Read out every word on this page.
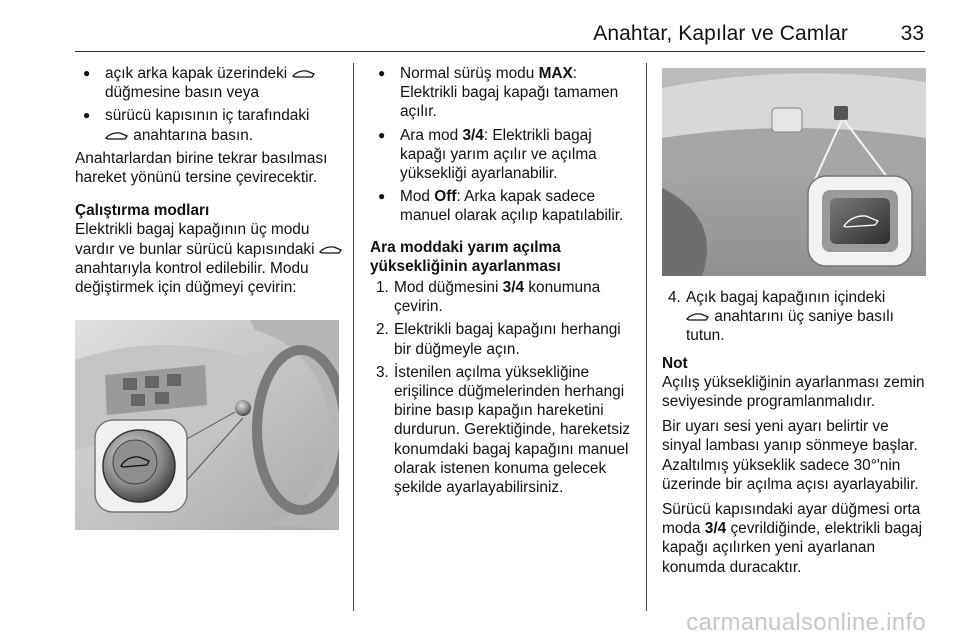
Anahtar, Kapılar ve Camlar	33
● açık arka kapak üzerindeki
düğmesine basın veya
● sürücü kapısının iç tarafındaki
anahtarına basın.

Anahtarlardan birine tekrar basılması hareket yönünü tersine çevirecektir.

Çalıştırma modları

Elektrikli bagaj kapağının üç modu vardır ve bunlar sürücü kapısındaki  anahtarıyla kontrol edilebilir. Modu değiştirmek için düğmeyi çevirin:

● Normal sürüş modu MAX: Elektrikli bagaj kapağı tamamen açılır.
● Ara mod 3/4: Elektrikli bagaj kapağı yarım açılır ve açılma yüksekliği ayarlanabilir.
● Mod Off: Arka kapak sadece manuel olarak açılıp kapatılabilir.
Ara moddaki yarım açılma yüksekliğinin ayarlanması
1. Mod düğmesini 3/4 konumuna çevirin.
2. Elektrikli bagaj kapağını herhangi bir düğmeyle açın.
3. İstenilen açılma yüksekliğine erişilince düğmelerinden herhangi birine basıp kapağın hareketini durdurun. Gerektiğinde, hareketsiz konumdaki bagaj kapağını manuel olarak istenen konuma gelecek şekilde ayarlayabilirsiniz.
4. Açık bagaj kapağının içindeki
anahtarını üç saniye basılı tutun.
Not

Açılış yüksekliğinin ayarlanması zemin seviyesinde programlanmalıdır.

Bir uyarı sesi yeni ayarı belirtir ve sinyal lambası yanıp sönmeye başlar. Azaltılmış yükseklik sadece 30°'nin üzerinde bir açılma açısı ayarlayabilir.

Sürücü kapısındaki ayar düğmesi orta moda 3/4 çevrildiğinde, elektrikli bagaj kapağı açılırken yeni ayarlanan konumda duracaktır.

carmanualsonline.info
